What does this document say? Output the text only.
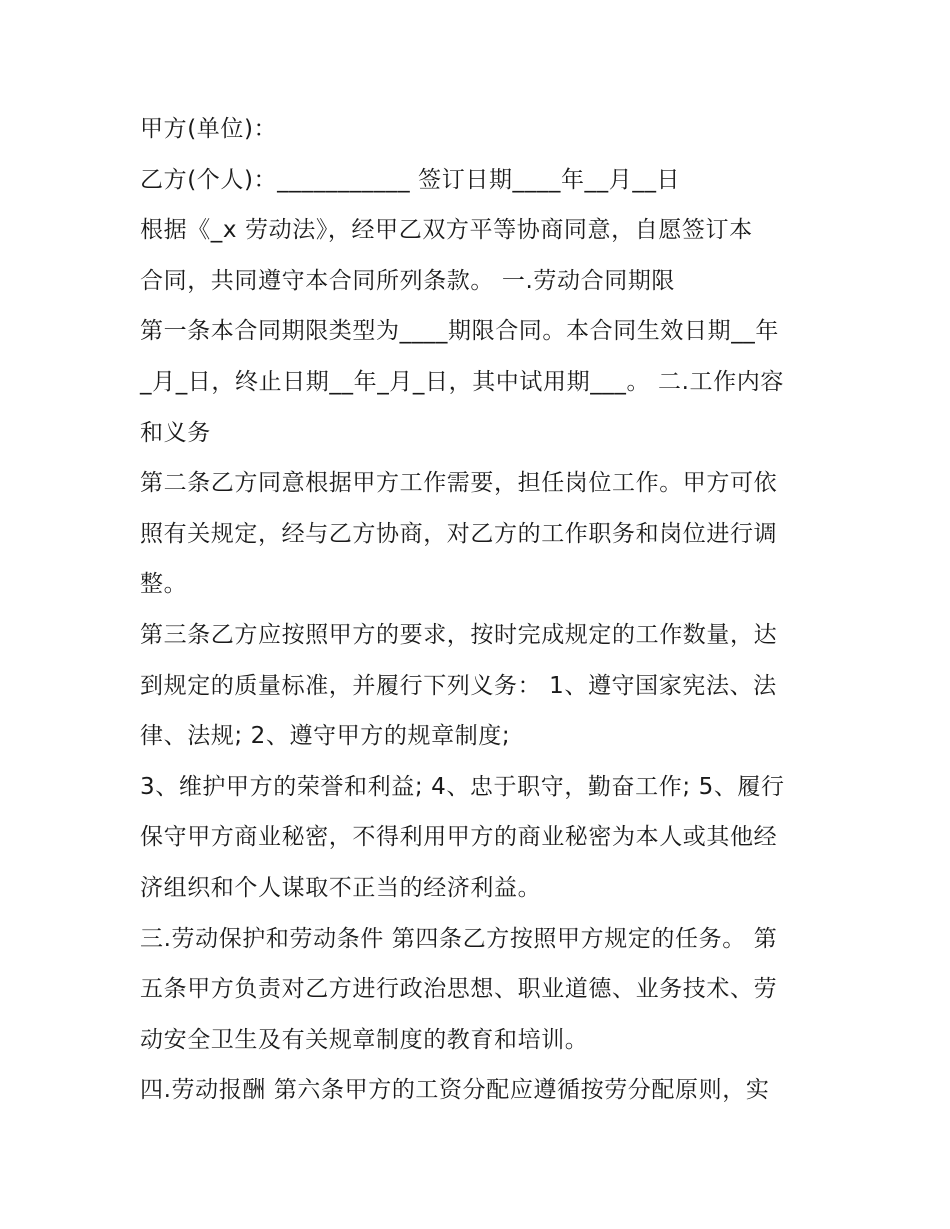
甲方(单位)：
乙方(个人)：___________ 签订日期____年__月__日
根据《_x 劳动法》，经甲乙双方平等协商同意，自愿签订本
合同，共同遵守本合同所列条款。 一.劳动合同期限
第一条本合同期限类型为____期限合同。本合同生效日期__年
_月_日，终止日期__年_月_日，其中试用期___。 二.工作内容
和义务
第二条乙方同意根据甲方工作需要，担任岗位工作。甲方可依
照有关规定，经与乙方协商，对乙方的工作职务和岗位进行调
整。
第三条乙方应按照甲方的要求，按时完成规定的工作数量，达
到规定的质量标准，并履行下列义务： 1、遵守国家宪法、法
律、法规; 2、遵守甲方的规章制度;
3、维护甲方的荣誉和利益; 4、忠于职守，勤奋工作; 5、履行
保守甲方商业秘密，不得利用甲方的商业秘密为本人或其他经
济组织和个人谋取不正当的经济利益。
三.劳动保护和劳动条件 第四条乙方按照甲方规定的任务。 第
五条甲方负责对乙方进行政治思想、职业道德、业务技术、劳
动安全卫生及有关规章制度的教育和培训。
四.劳动报酬 第六条甲方的工资分配应遵循按劳分配原则，实
